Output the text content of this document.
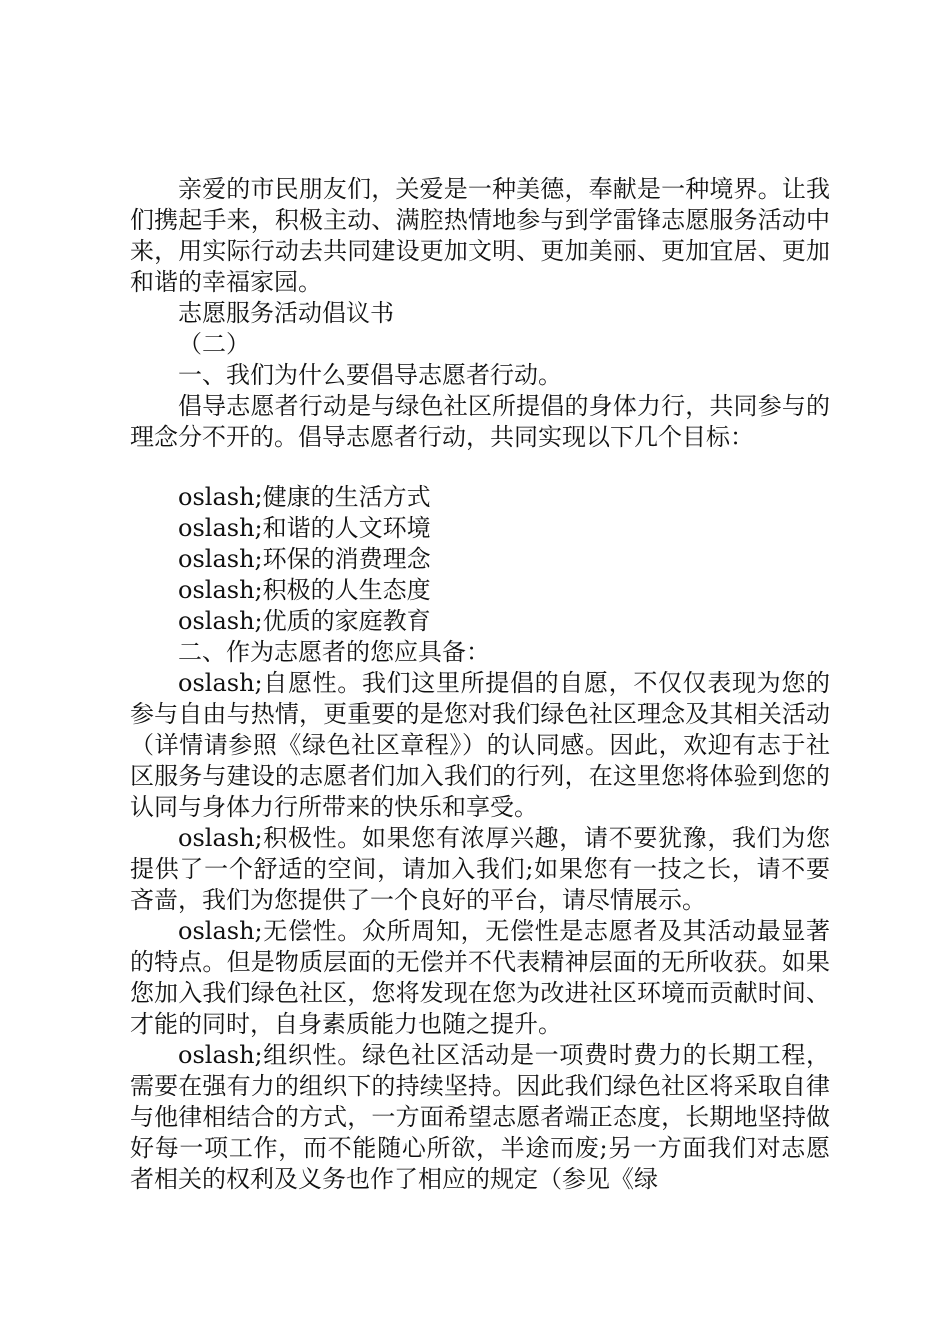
亲爱的市民朋友们，关爱是一种美德，奉献是一种境界。让我们携起手来，积极主动、满腔热情地参与到学雷锋志愿服务活动中来，用实际行动去共同建设更加文明、更加美丽、更加宜居、更加和谐的幸福家园。

志愿服务活动倡议书

（二）

一、我们为什么要倡导志愿者行动。

倡导志愿者行动是与绿色社区所提倡的身体力行，共同参与的理念分不开的。倡导志愿者行动，共同实现以下几个目标：

oslash;健康的生活方式

oslash;和谐的人文环境

oslash;环保的消费理念

oslash;积极的人生态度

oslash;优质的家庭教育

二、作为志愿者的您应具备：

oslash;自愿性。我们这里所提倡的自愿，不仅仅表现为您的参与自由与热情，更重要的是您对我们绿色社区理念及其相关活动（详情请参照《绿色社区章程》）的认同感。因此，欢迎有志于社区服务与建设的志愿者们加入我们的行列，在这里您将体验到您的认同与身体力行所带来的快乐和享受。

oslash;积极性。如果您有浓厚兴趣，请不要犹豫，我们为您提供了一个舒适的空间，请加入我们;如果您有一技之长，请不要吝啬，我们为您提供了一个良好的平台，请尽情展示。

oslash;无偿性。众所周知，无偿性是志愿者及其活动最显著的特点。但是物质层面的无偿并不代表精神层面的无所收获。如果您加入我们绿色社区，您将发现在您为改进社区环境而贡献时间、才能的同时，自身素质能力也随之提升。

oslash;组织性。绿色社区活动是一项费时费力的长期工程，需要在强有力的组织下的持续坚持。因此我们绿色社区将采取自律与他律相结合的方式，一方面希望志愿者端正态度，长期地坚持做好每一项工作，而不能随心所欲，半途而废;另一方面我们对志愿者相关的权利及义务也作了相应的规定（参见《绿
